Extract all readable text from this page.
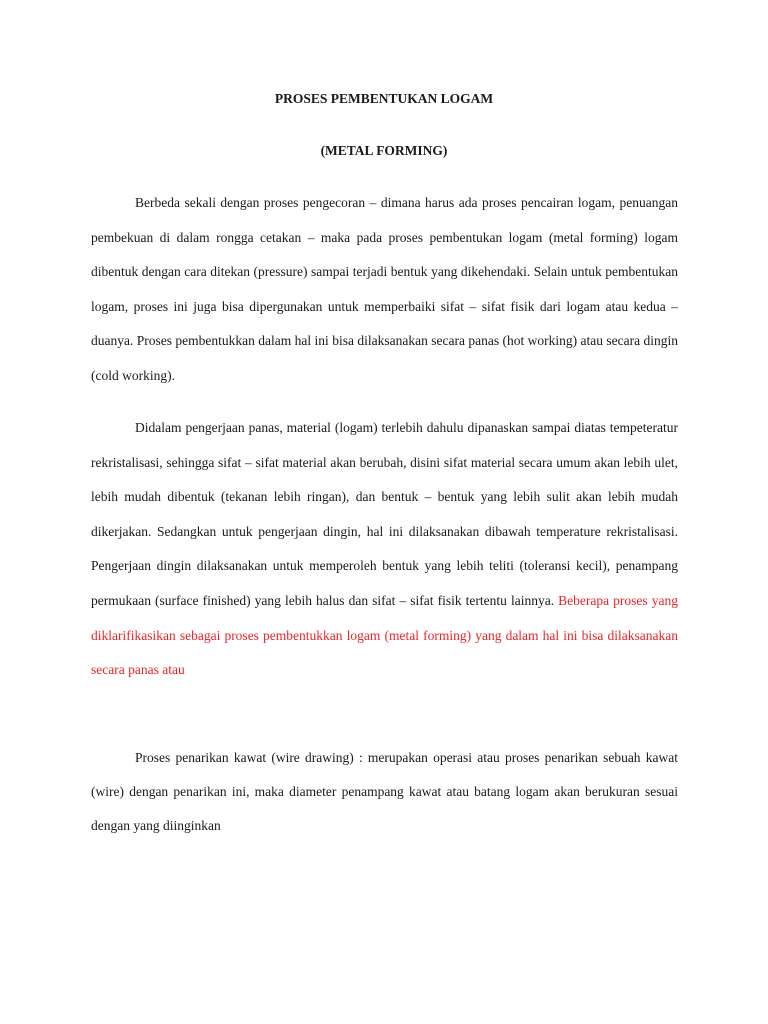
PROSES PEMBENTUKAN LOGAM

(METAL FORMING)

Berbeda sekali dengan proses pengecoran – dimana harus ada proses pencairan logam, penuangan pembekuan di dalam rongga cetakan – maka pada proses pembentukan logam (metal forming) logam dibentuk dengan cara ditekan (pressure) sampai terjadi bentuk yang dikehendaki. Selain untuk pembentukan logam, proses ini juga bisa dipergunakan untuk memperbaiki sifat – sifat fisik dari logam atau kedua – duanya. Proses pembentukkan dalam hal ini bisa dilaksanakan secara panas (hot working) atau secara dingin (cold working).

Didalam pengerjaan panas, material (logam) terlebih dahulu dipanaskan sampai diatas tempeteratur rekristalisasi, sehingga sifat – sifat material akan berubah, disini sifat material secara umum akan lebih ulet, lebih mudah dibentuk (tekanan lebih ringan), dan bentuk – bentuk yang lebih sulit akan lebih mudah dikerjakan. Sedangkan untuk pengerjaan dingin, hal ini dilaksanakan dibawah temperature rekristalisasi. Pengerjaan dingin dilaksanakan untuk memperoleh bentuk yang lebih teliti (toleransi kecil), penampang permukaan (surface finished) yang lebih halus dan sifat – sifat fisik tertentu lainnya. Beberapa proses yang diklarifikasikan sebagai proses pembentukkan logam (metal forming) yang dalam hal ini bisa dilaksanakan secara panas atau

Proses penarikan kawat (wire drawing) : merupakan operasi atau proses penarikan sebuah kawat (wire) dengan penarikan ini, maka diameter penampang kawat atau batang logam akan berukuran sesuai dengan yang diinginkan
